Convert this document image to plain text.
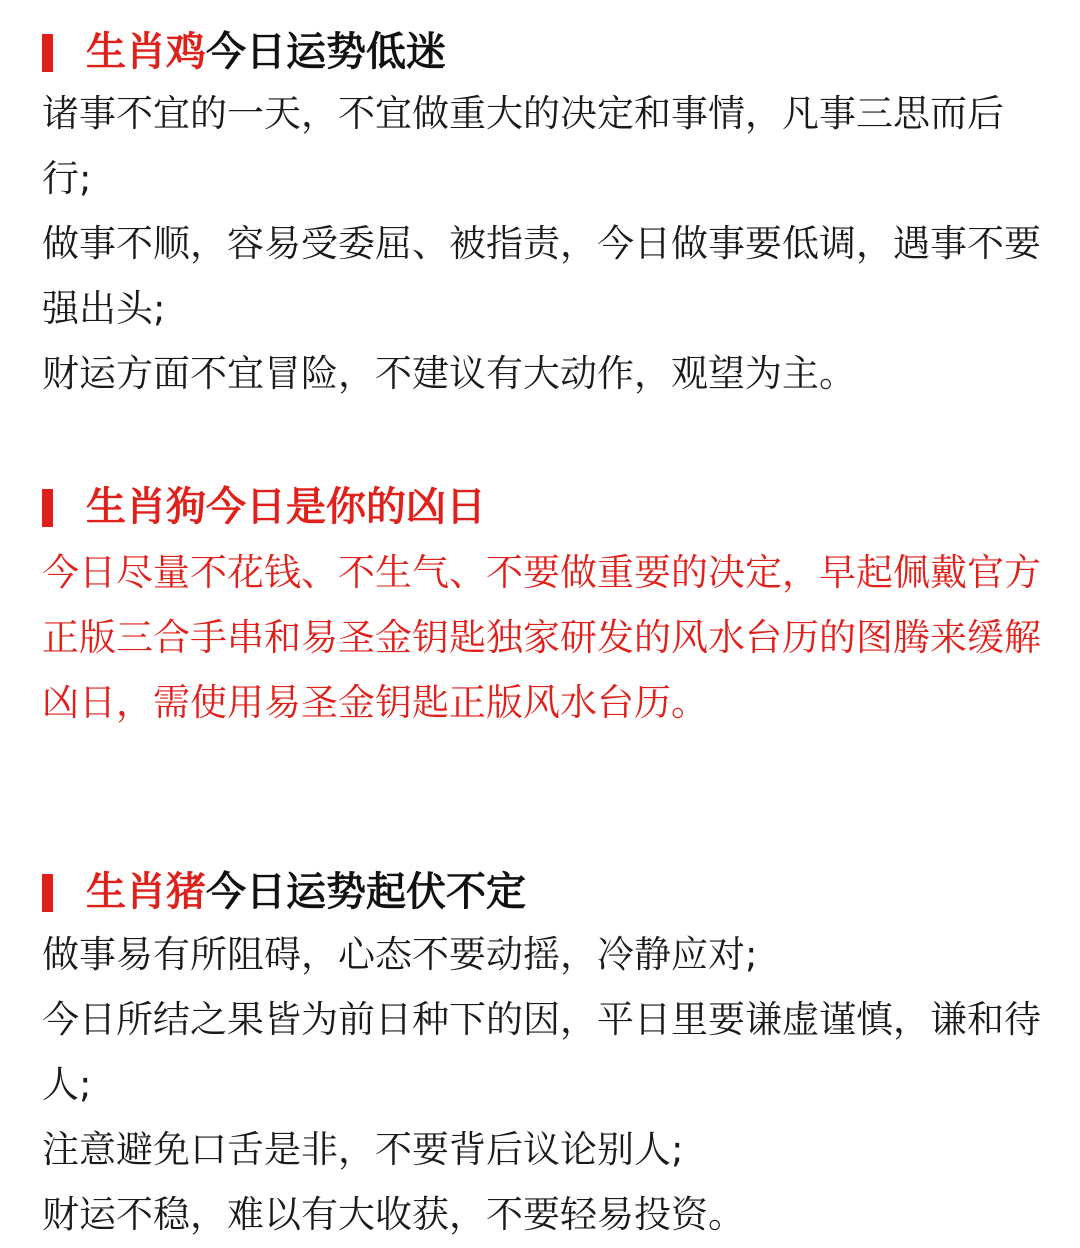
生肖鸡今日运势低迷

诸事不宜的一天，不宜做重大的决定和事情，凡事三思而后行;

做事不顺，容易受委屈、被指责，今日做事要低调，遇事不要强出头;

财运方面不宜冒险，不建议有大动作，观望为主。

生肖狗今日是你的凶日

今日尽量不花钱、不生气、不要做重要的决定，早起佩戴官方正版三合手串和易圣金钥匙独家研发的风水台历的图腾来缓解凶日，需使用易圣金钥匙正版风水台历。

生肖猪今日运势起伏不定

做事易有所阻碍，心态不要动摇，冷静应对;

今日所结之果皆为前日种下的因，平日里要谦虚谨慎，谦和待人;

注意避免口舌是非，不要背后议论别人;

财运不稳，难以有大收获，不要轻易投资。
